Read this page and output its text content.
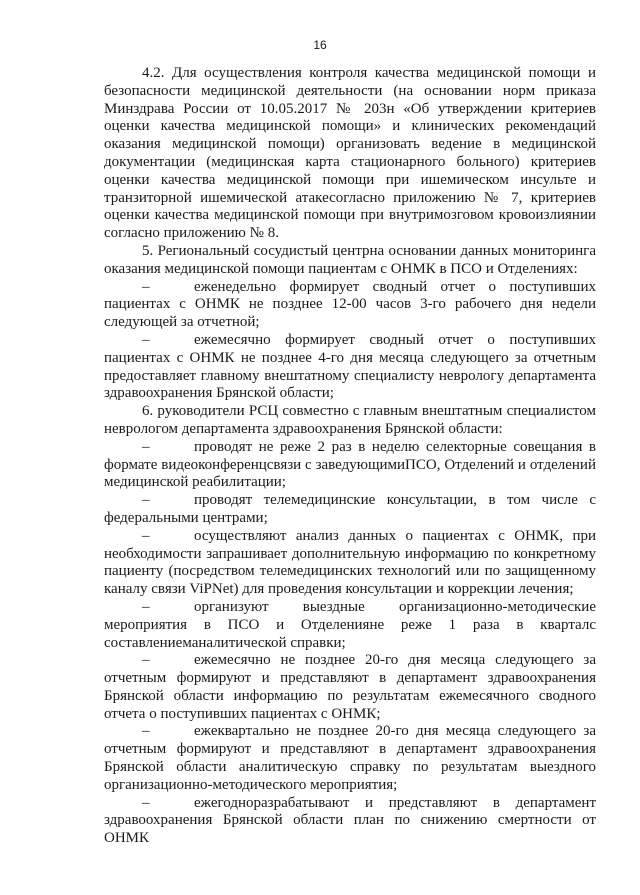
16

4.2. Для осуществления контроля качества медицинской помощи и безопасности медицинской деятельности (на основании норм приказа Минздрава России от 10.05.2017 № 203н «Об утверждении критериев оценки качества медицинской помощи» и клинических рекомендаций оказания медицинской помощи) организовать ведение в медицинской документации (медицинская карта стационарного больного) критериев оценки качества медицинской помощи при ишемическом инсульте и транзиторной ишемической атакесогласно приложению № 7, критериев оценки качества медицинской помощи при внутримозговом кровоизлиянии согласно приложению № 8.

5. Региональный сосудистый центрна основании данных мониторинга оказания медицинской помощи пациентам с ОНМК в ПСО и Отделениях:

–	еженедельно формирует сводный отчет о поступивших пациентах с ОНМК не позднее 12-00 часов 3-го рабочего дня недели следующей за отчетной;

–	ежемесячно формирует сводный отчет о поступивших пациентах с ОНМК не позднее 4-го дня месяца следующего за отчетным предоставляет главному внештатному специалисту неврологу департамента здравоохранения Брянской области;

6. руководители РСЦ совместно с главным внештатным специалистом неврологом департамента здравоохранения Брянской области:

–	проводят не реже 2 раз в неделю селекторные совещания в формате видеоконференцсвязи с заведующимиПСО, Отделений и отделений медицинской реабилитации;

–	проводят телемедицинские консультации, в том числе с федеральными центрами;

–	осуществляют анализ данных о пациентах с ОНМК, при необходимости запрашивает дополнительную информацию по конкретному пациенту (посредством телемедицинских технологий или по защищенному каналу связи ViPNet) для проведения консультации и коррекции лечения;

–	организуют выездные организационно-методические мероприятия в ПСО и Отделенияне реже 1 раза в кварталс составлениеманалитической справки;

–	ежемесячно не позднее 20-го дня месяца следующего за отчетным формируют и представляют в департамент здравоохранения Брянской области информацию по результатам ежемесячного сводного отчета о поступивших пациентах с ОНМК;

–	ежеквартально не позднее 20-го дня месяца следующего за отчетным формируют и представляют в департамент здравоохранения Брянской области аналитическую справку по результатам выездного организационно-методического мероприятия;

–	ежегодноразрабатывают и представляют в департамент здравоохранения Брянской области план по снижению смертности от ОНМК
